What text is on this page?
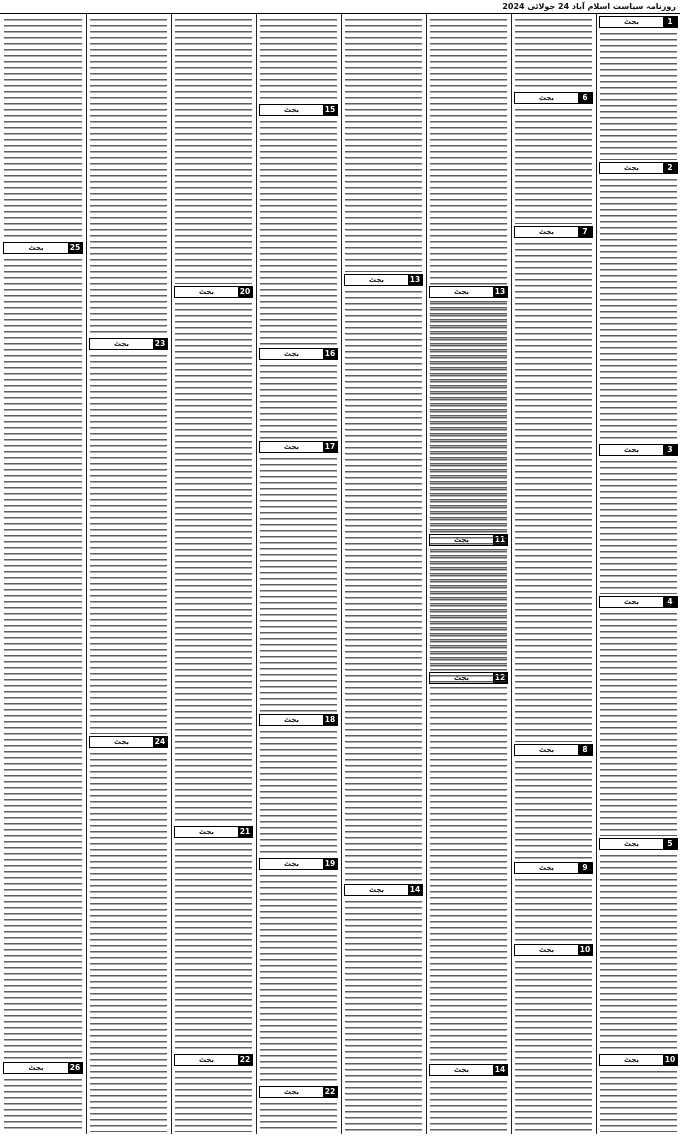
روزنامہ سیاست اسلام آباد 24 جولائی 2024
1
بجٹ
2
بجٹ
3
بجٹ
4
بجٹ
5
بجٹ
10
بجٹ
6
بجٹ
7
بجٹ
8
بجٹ
9
بجٹ
10
بجٹ
11
بجٹ
12
بجٹ
13
بجٹ
14
بجٹ
13
بجٹ
14
بجٹ
15
بجٹ
16
بجٹ
17
بجٹ
18
بجٹ
19
بجٹ
22
بجٹ
20
بجٹ
21
بجٹ
22
بجٹ
23
بجٹ
24
بجٹ
25
بجٹ
26
بجٹ
